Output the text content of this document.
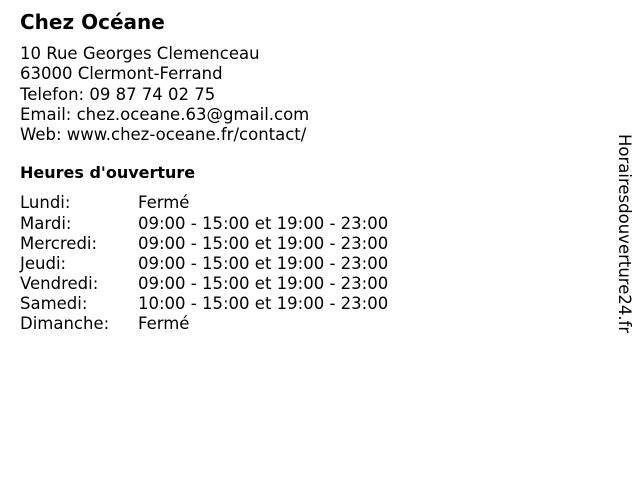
Chez Océane
10 Rue Georges Clemenceau
63000 Clermont-Ferrand
Telefon: 09 87 74 02 75
Email: chez.oceane.63@gmail.com
Web: www.chez-oceane.fr/contact/
Heures d'ouverture
Lundi:	Fermé
Mardi:	09:00 - 15:00 et 19:00 - 23:00
Mercredi:	09:00 - 15:00 et 19:00 - 23:00
Jeudi:	09:00 - 15:00 et 19:00 - 23:00
Vendredi:	09:00 - 15:00 et 19:00 - 23:00
Samedi:	10:00 - 15:00 et 19:00 - 23:00
Dimanche:	Fermé	Horairesdouverture24.fr
